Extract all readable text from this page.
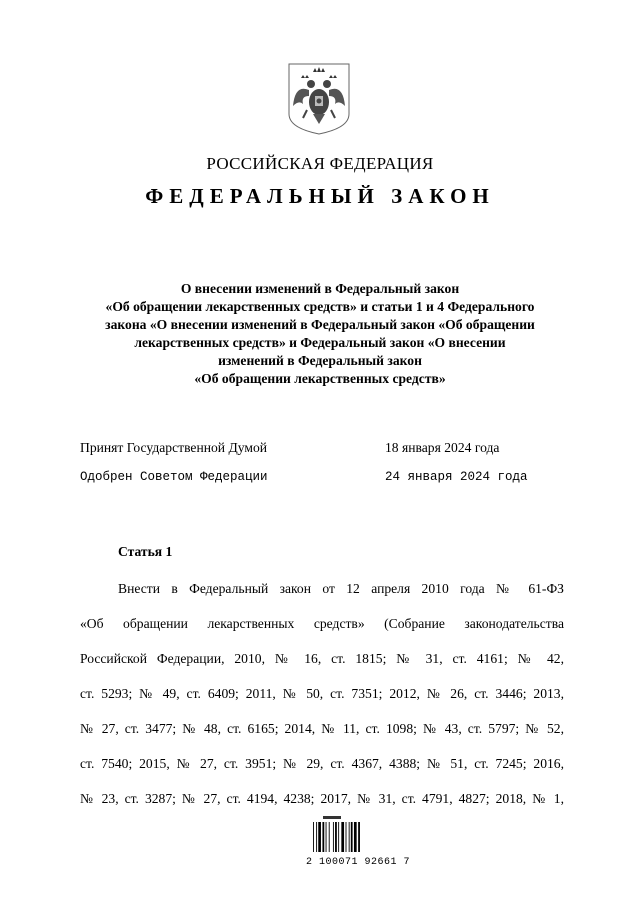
РОССИЙСКАЯ ФЕДЕРАЦИЯ
ФЕДЕРАЛЬНЫЙ ЗАКОН
О внесении изменений в Федеральный закон
«Об обращении лекарственных средств» и статьи 1 и 4 Федерального
закона «О внесении изменений в Федеральный закон «Об обращении
лекарственных средств» и Федеральный закон «О внесении
изменений в Федеральный закон
«Об обращении лекарственных средств»
Принят Государственной Думой	18 января 2024 года
Одобрен Советом Федерации	24 января 2024 года
Статья 1
Внести в Федеральный закон от 12 апреля 2010 года № 61-ФЗ
«Об обращении лекарственных средств» (Собрание законодательства
Российской Федерации, 2010, № 16, ст. 1815; № 31, ст. 4161; № 42,
ст. 5293; № 49, ст. 6409; 2011, № 50, ст. 7351; 2012, № 26, ст. 3446; 2013,
№ 27, ст. 3477; № 48, ст. 6165; 2014, № 11, ст. 1098; № 43, ст. 5797; № 52,
ст. 7540; 2015, № 27, ст. 3951; № 29, ст. 4367, 4388; № 51, ст. 7245; 2016,
№ 23, ст. 3287; № 27, ст. 4194, 4238; 2017, № 31, ст. 4791, 4827; 2018, № 1,
2 100071 92661 7
